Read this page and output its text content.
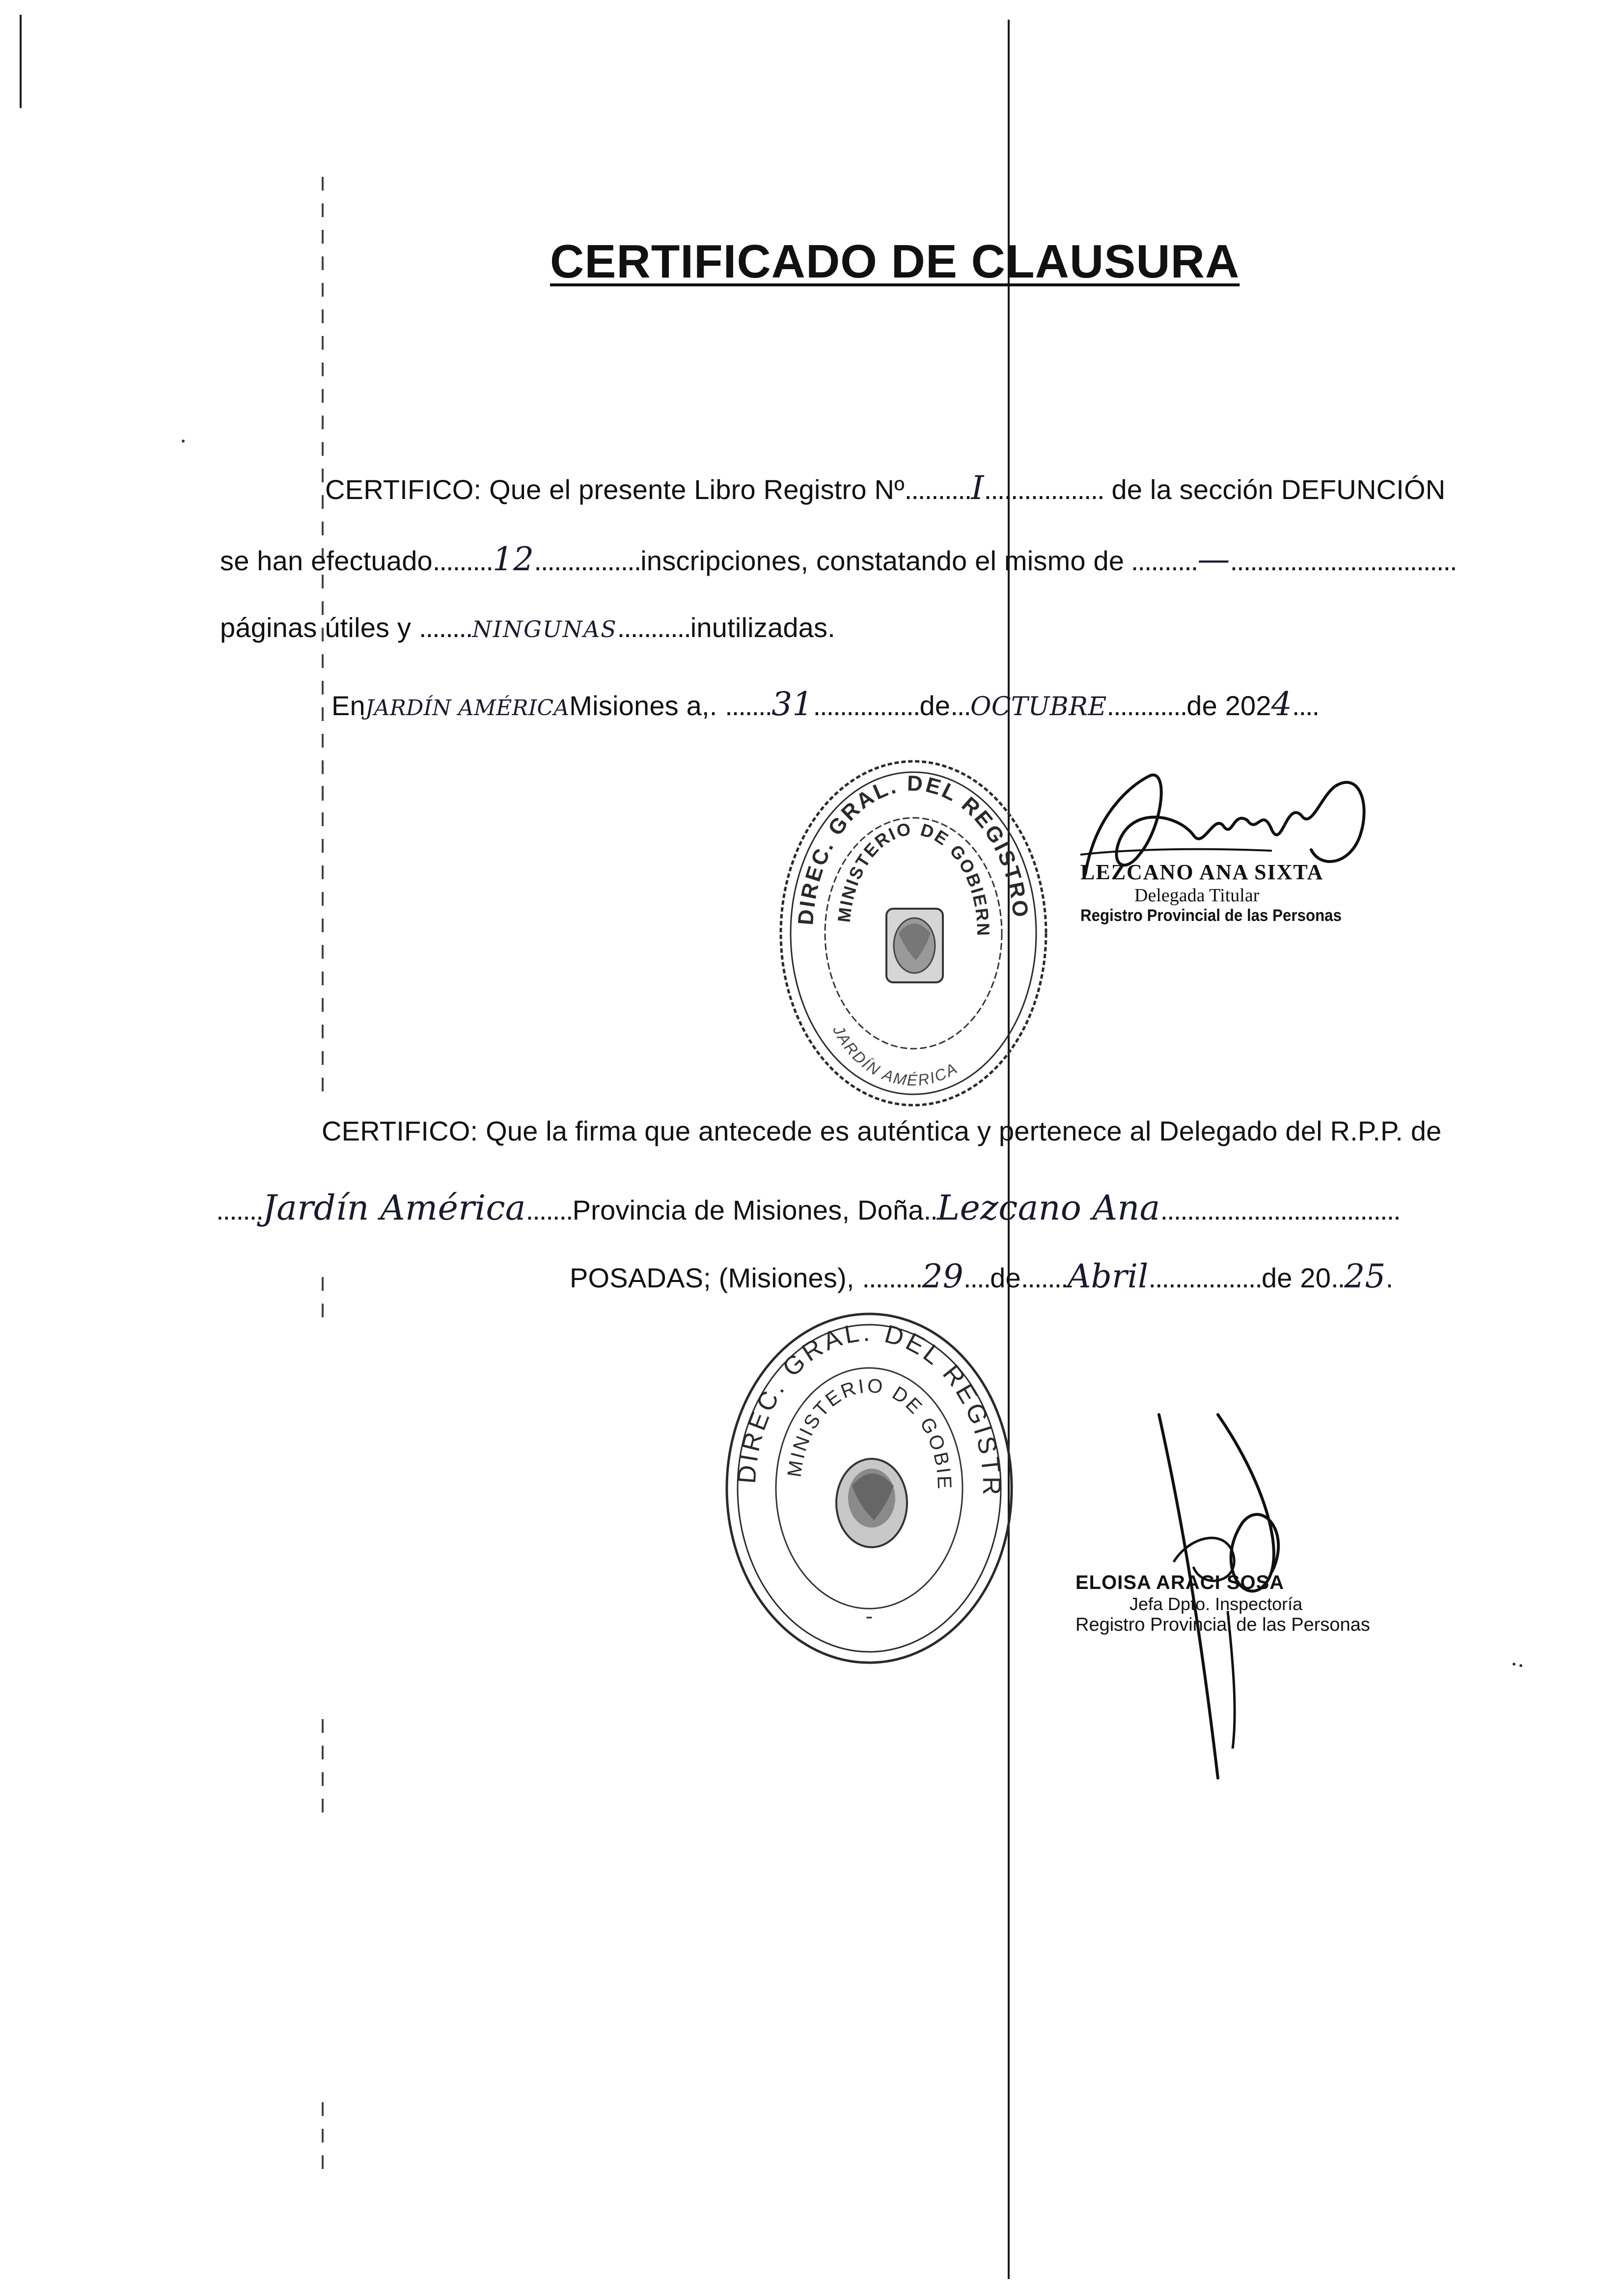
CERTIFICADO DE CLAUSURA
CERTIFICO: Que el presente Libro Registro Nº..........I.................. de la sección DEFUNCIÓN
se han efectuado.........12................inscripciones, constatando el mismo de ..........—..................................
páginas útiles y ........NINGUNAS...........inutilizadas.
EnJARDÍN AMÉRICAMisiones a,. .......31................de...OCTUBRE............de 2024....
DIREC. GRAL. DEL REGISTRO
MINISTERIO DE GOBIERN
JARDÍN AMÉRICA
LEZCANO ANA SIXTA
Delegada Titular
Registro Provincial de las Personas
CERTIFICO: Que la firma que antecede es auténtica y pertenece al Delegado del R.P.P. de
.......Jardín América.......Provincia de Misiones, Doña..Lezcano Ana....................................
POSADAS; (Misiones), .........29....de.......Abril.................de 20..25.
DIREC. GRAL. DEL REGISTR
MINISTERIO DE GOBIE
-
ELOISA ARACI SOSA
Jefa Dpto. Inspectoría
Registro Provincial de las Personas
